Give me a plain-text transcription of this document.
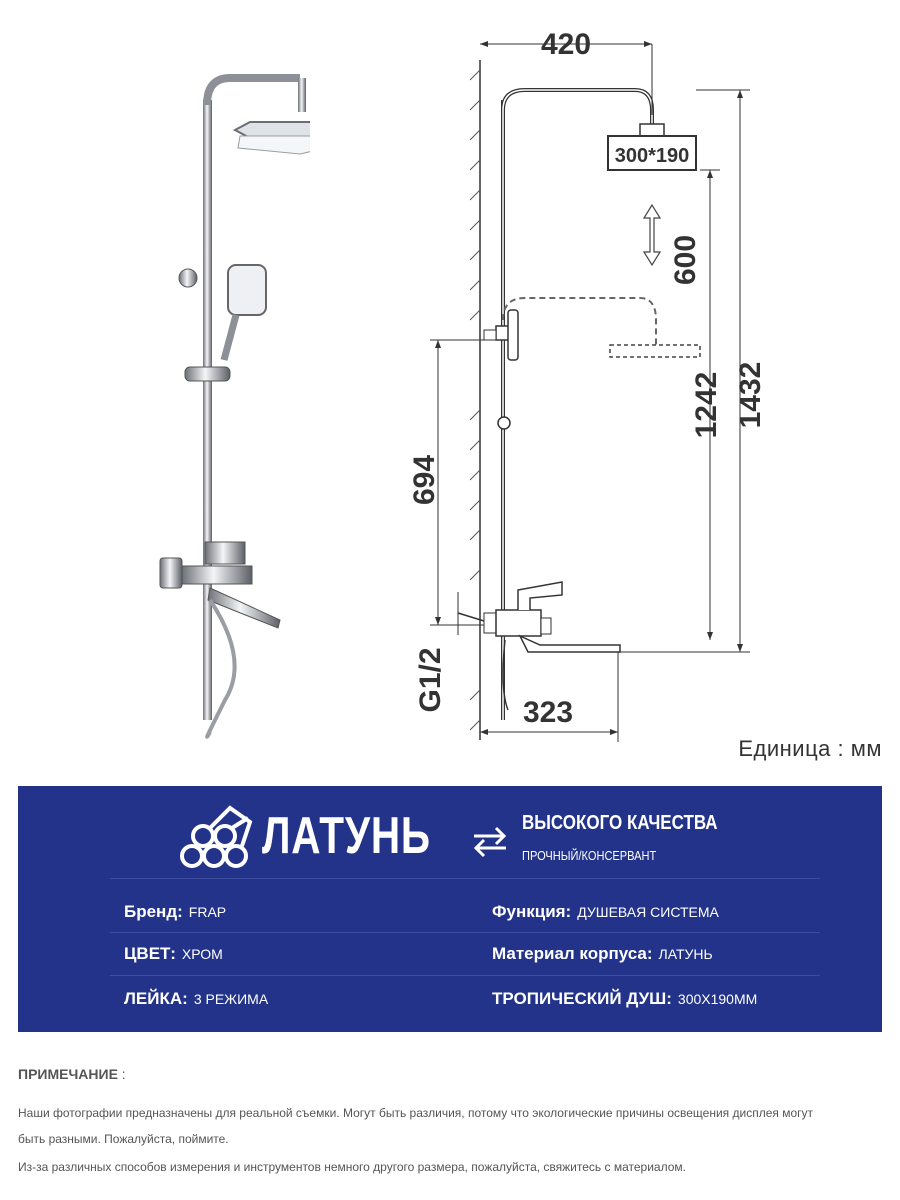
300*190
420
600
1432
1242
694
G1/2	323
Единица : мм
ЛАТУНЬ	ВЫСОКОГО КАЧЕСТВА
ПРОЧНЫЙ/КОНСЕРВАНТ
Бренд: FRAP	Функция: ДУШЕВАЯ СИСТЕМА
ЦВЕТ: ХРОМ	Материал корпуса: ЛАТУНЬ
ЛЕЙКА: 3 РЕЖИМА	ТРОПИЧЕСКИЙ ДУШ: 300X190MM
ПРИМЕЧАНИЕ :
Наши фотографии предназначены для реальной съемки. Могут быть различия, потому что экологические причины освещения дисплея могут
быть разными. Пожалуйста, поймите.
Из-за различных способов измерения и инструментов немного другого размера, пожалуйста, свяжитесь с материалом.
